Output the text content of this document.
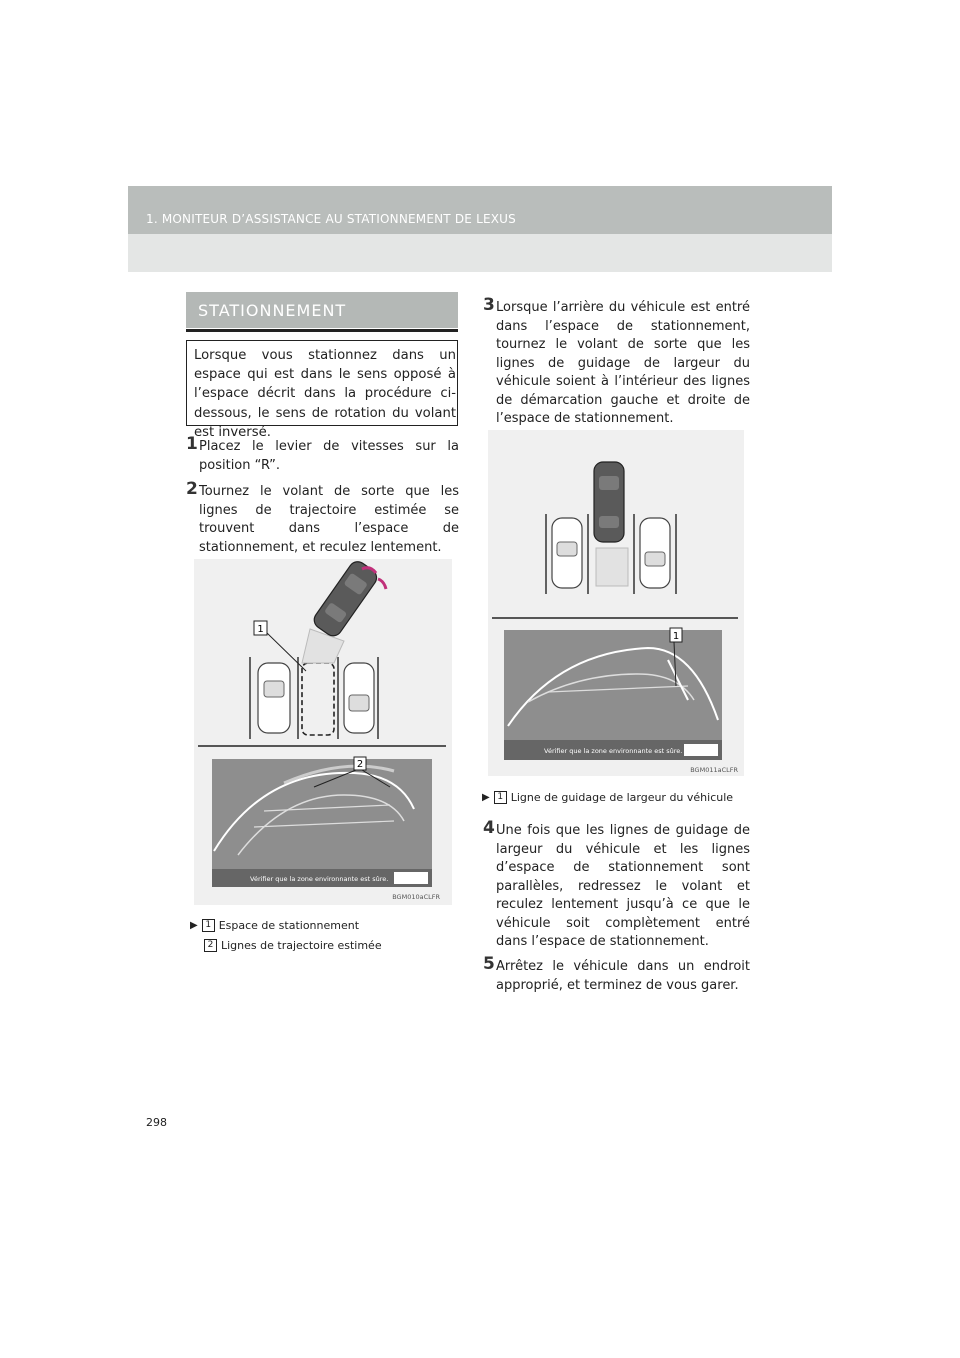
1. MONITEUR D’ASSISTANCE AU STATIONNEMENT DE LEXUS
STATIONNEMENT
Lorsque vous stationnez dans un espace qui est dans le sens opposé à l’espace décrit dans la procédure ci-dessous, le sens de rotation du volant est inversé.
1 Placez le levier de vitesses sur la position “R”.
2 Tournez le volant de sorte que les lignes de trajectoire estimée se trouvent dans l’espace de stationnement, et reculez lentement.
1
2
Vérifier que la zone environnante est sûre.
BGM010aCLFR
▶ 1 Espace de stationnement
2 Lignes de trajectoire estimée
3 Lorsque l’arrière du véhicule est entré dans l’espace de stationnement, tournez le volant de sorte que les lignes de guidage de largeur du véhicule soient à l’intérieur des lignes de démarcation gauche et droite de l’espace de stationnement.
1
Vérifier que la zone environnante est sûre.
BGM011aCLFR
▶ 1 Ligne de guidage de largeur du véhicule
4 Une fois que les lignes de guidage de largeur du véhicule et les lignes d’espace de stationnement sont parallèles, redressez le volant et reculez lentement jusqu’à ce que le véhicule soit complètement entré dans l’espace de stationnement.
5 Arrêtez le véhicule dans un endroit approprié, et terminez de vous garer.
298
